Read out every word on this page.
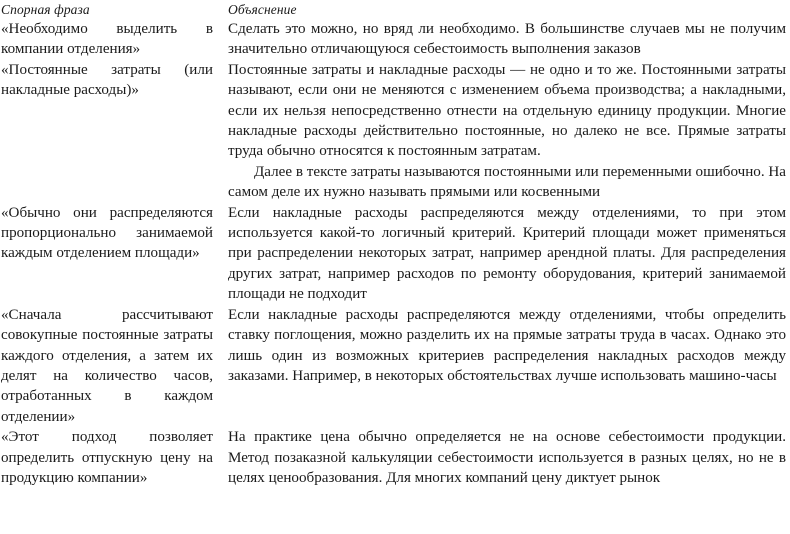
Спорная фраза		Объяснение

«Необходимо выделить в компании отделения»		Сделать это можно, но вряд ли необходимо. В большинстве случаев мы не получим значительно отличающуюся себестоимость выполнения заказов

«Постоянные затраты (или накладные расходы)»		Постоянные затраты и накладные расходы — не одно и то же. Постоянными затраты называют, если они не меняются с изменением объема производства; а накладными, если их нельзя непосредственно отнести на отдельную единицу продукции. Многие накладные расходы действительно постоянные, но далеко не все. Прямые затраты труда обычно относятся к постоянным затратам.

Далее в тексте затраты называются постоянными или переменными ошибочно. На самом деле их нужно называть прямыми или косвенными

«Обычно они распределяются пропорционально занимаемой каждым отделением площади»		Если накладные расходы распределяются между отделениями, то при этом используется какой-то логичный критерий. Критерий площади может применяться при распределении некоторых затрат, например арендной платы. Для распределения других затрат, например расходов по ремонту оборудования, критерий занимаемой площади не подходит

«Сначала рассчитывают совокупные постоянные затраты каждого отделения, а затем их делят на количество часов, отработанных в каждом отделении»		Если накладные расходы распределяются между отделениями, чтобы определить ставку поглощения, можно разделить их на прямые затраты труда в часах. Однако это лишь один из возможных критериев распределения накладных расходов между заказами. Например, в некоторых обстоятельствах лучше использовать машино-часы

«Этот подход позволяет определить отпускную цену на продукцию компании»		На практике цена обычно определяется не на основе себестоимости продукции. Метод позаказной калькуляции себестоимости используется в разных целях, но не в целях ценообразования. Для многих компаний цену диктует рынок
